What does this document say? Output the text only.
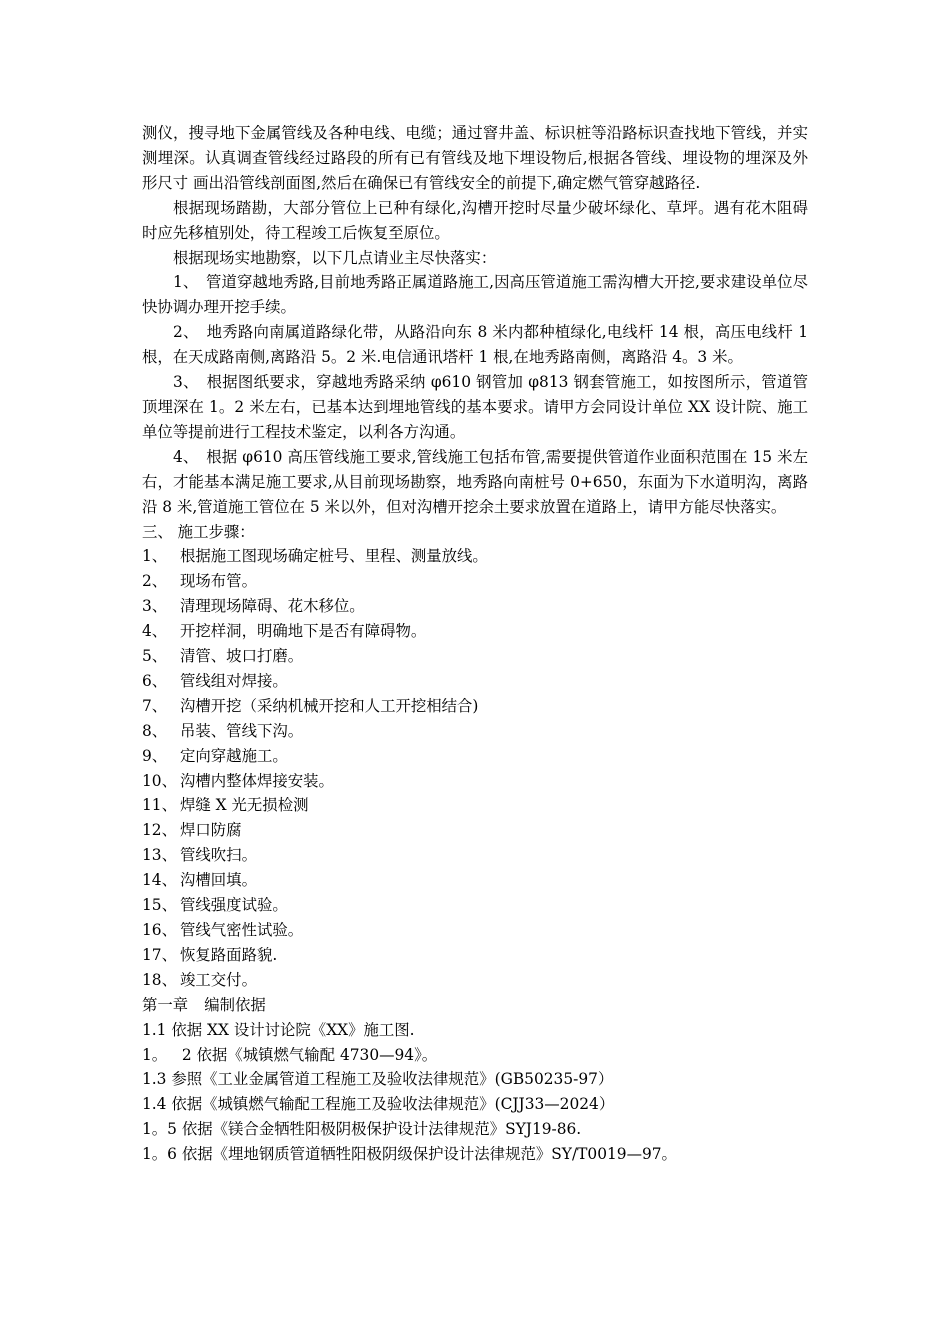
测仪，搜寻地下金属管线及各种电线、电缆；通过窨井盖、标识桩等沿路标识查找地下管线，并实测埋深。认真调查管线经过路段的所有已有管线及地下埋设物后,根据各管线、埋设物的埋深及外形尺寸 画出沿管线剖面图,然后在确保已有管线安全的前提下,确定燃气管穿越路径.

根据现场踏勘，大部分管位上已种有绿化,沟槽开挖时尽量少破坏绿化、草坪。遇有花木阻碍时应先移植别处，待工程竣工后恢复至原位。

根据现场实地勘察，以下几点请业主尽快落实：

1、　管道穿越地秀路,目前地秀路正属道路施工,因高压管道施工需沟槽大开挖,要求建设单位尽快协调办理开挖手续。

2、　地秀路向南属道路绿化带，从路沿向东 8 米内都种植绿化,电线杆 14 根，高压电线杆 1 根，在天成路南侧,离路沿 5。2 米.电信通讯塔杆 1 根,在地秀路南侧，离路沿 4。3 米。

3、　根据图纸要求，穿越地秀路采纳 φ610 钢管加 φ813 钢套管施工，如按图所示，管道管顶埋深在 1。2 米左右，已基本达到埋地管线的基本要求。请甲方会同设计单位 XX 设计院、施工单位等提前进行工程技术鉴定，以利各方沟通。

4、　根据 φ610 高压管线施工要求,管线施工包括布管,需要提供管道作业面积范围在 15 米左右，才能基本满足施工要求,从目前现场勘察，地秀路向南桩号 0+650，东面为下水道明沟，离路沿 8 米,管道施工管位在 5 米以外，但对沟槽开挖余土要求放置在道路上，请甲方能尽快落实。

三、 施工步骤：

1、 根据施工图现场确定桩号、里程、测量放线。

2、 现场布管。

3、 清理现场障碍、花木移位。

4、 开挖样洞，明确地下是否有障碍物。

5、 清管、坡口打磨。

6、 管线组对焊接。

7、 沟槽开挖（采纳机械开挖和人工开挖相结合)

8、 吊装、管线下沟。

9、 定向穿越施工。

10、 沟槽内整体焊接安装。

11、 焊缝 X 光无损检测

12、 焊口防腐

13、 管线吹扫。

14、 沟槽回填。

15、 管线强度试验。

16、 管线气密性试验。

17、 恢复路面路貌.

18、 竣工交付。

第一章 编制依据

1.1 依据 XX 设计讨论院《XX》施工图.

1。   2 依据《城镇燃气输配 4730—94》。

1.3 参照《工业金属管道工程施工及验收法律规范》(GB50235-97）

1.4 依据《城镇燃气输配工程施工及验收法律规范》(CJJ33—2024）

1。5 依据《镁合金牺牲阳极阴极保护设计法律规范》SYJ19-86.

1。6 依据《埋地钢质管道牺牲阳极阴级保护设计法律规范》SY/T0019—97。
